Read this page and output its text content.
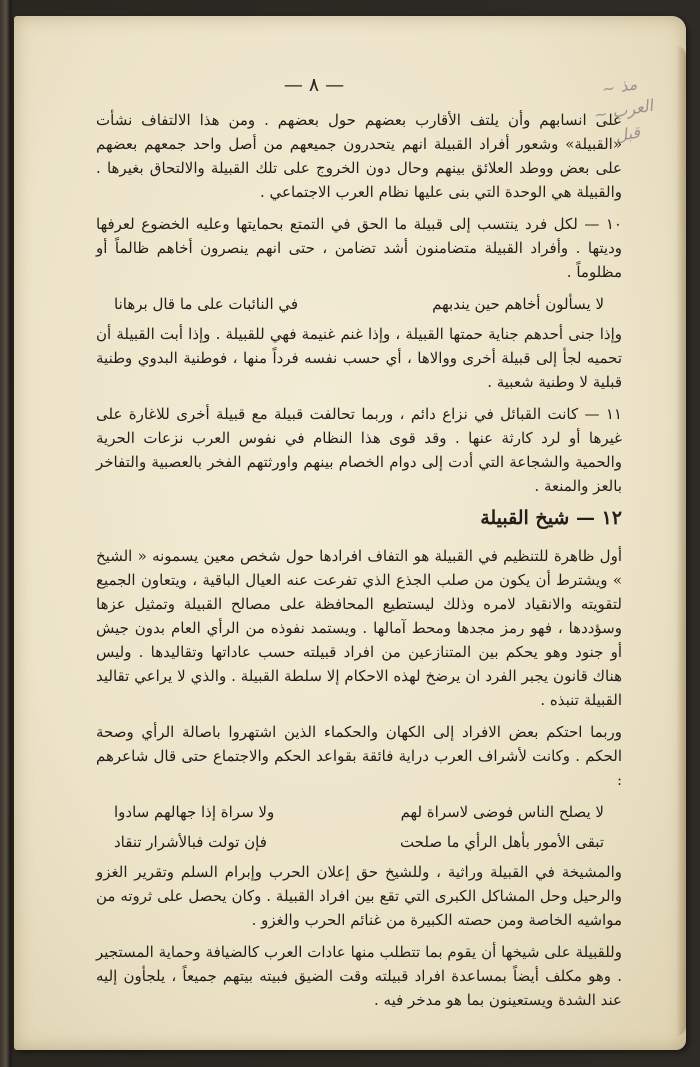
— ٨ —	مذ ~ العرب ~ قبل

على انسابهم وأن يلتف الأقارب بعضهم حول بعضهم . ومن هذا الالتفاف نشأت «القبيلة» وشعور أفراد القبيلة انهم يتحدرون جميعهم من أصل واحد جمعهم بعضهم على بعض ووطد العلائق بينهم وحال دون الخروج على تلك القبيلة والالتحاق بغيرها . والقبيلة هي الوحدة التي بنى عليها نظام العرب الاجتماعي .

١٠ — لكل فرد ينتسب إلى قبيلة ما الحق في التمتع بحمايتها وعليه الخضوع لعرفها وديتها . وأفراد القبيلة متضامنون أشد تضامن ، حتى انهم ينصرون أخاهم ظالماً أو مظلوماً .

لا يسألون أخاهم حين يندبهم
في النائبات على ما قال برهانا

وإذا جنى أحدهم جناية حمتها القبيلة ، وإذا غنم غنيمة فهي للقبيلة . وإذا أبت القبيلة أن تحميه لجأ إلى قبيلة أخرى ووالاها ، أي حسب نفسه فرداً منها ، فوطنية البدوي وطنية قبلية لا وطنية شعبية .

١١ — كانت القبائل في نزاع دائم ، وربما تحالفت قبيلة مع قبيلة أخرى للاغارة على غيرها أو لرد كارثة عنها . وقد قوى هذا النظام في نفوس العرب نزعات الحرية والحمية والشجاعة التي أدت إلى دوام الخصام بينهم واورثتهم الفخر بالعصبية والتفاخر بالعز والمنعة .

١٢ — شيخ القبيلة

أول ظاهرة للتنظيم في القبيلة هو التفاف افرادها حول شخص معين يسمونه « الشيخ » ويشترط أن يكون من صلب الجذع الذي تفرعت عنه العيال الباقية ، ويتعاون الجميع لتقويته والانقياد لامره وذلك ليستطيع المحافظة على مصالح القبيلة وتمثيل عزها وسؤددها ، فهو رمز مجدها ومحط آمالها . ويستمد نفوذه من الرأي العام بدون جيش أو جنود وهو يحكم بين المتنازعين من افراد قبيلته حسب عاداتها وتقاليدها . وليس هناك قانون يجبر الفرد ان يرضخ لهذه الاحكام إلا سلطة القبيلة . والذي لا يراعي تقاليد القبيلة تنبذه .

وربما احتكم بعض الافراد إلى الكهان والحكماء الذين اشتهروا باصالة الرأي وصحة الحكم . وكانت لأشراف العرب دراية فائقة بقواعد الحكم والاجتماع حتى قال شاعرهم :

لا يصلح الناس فوضى لاسراة لهم
ولا سراة إذا جهالهم سادوا
تبقى الأمور بأهل الرأي ما صلحت
فإن تولت فبالأشرار تنقاد

والمشيخة في القبيلة وراثية ، وللشيخ حق إعلان الحرب وإبرام السلم وتقرير الغزو والرحيل وحل المشاكل الكبرى التي تقع بين افراد القبيلة . وكان يحصل على ثروته من مواشيه الخاصة ومن حصته الكبيرة من غنائم الحرب والغزو .

وللقبيلة على شيخها أن يقوم بما تتطلب منها عادات العرب كالضيافة وحماية المستجير . وهو مكلف أيضاً بمساعدة افراد قبيلته وقت الضيق فبيته بيتهم جميعاً ، يلجأون إليه عند الشدة ويستعينون بما هو مدخر فيه .
